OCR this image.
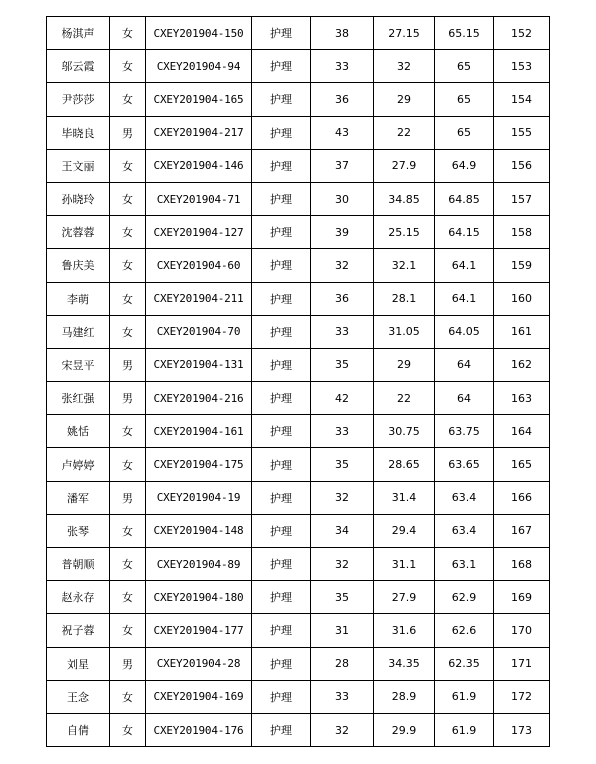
杨淇声	女	CXEY201904-150	护理	38	27.15	65.15	152
邬云霞	女	CXEY201904-94	护理	33	32	65	153
尹莎莎	女	CXEY201904-165	护理	36	29	65	154
毕晓良	男	CXEY201904-217	护理	43	22	65	155
王文丽	女	CXEY201904-146	护理	37	27.9	64.9	156
孙晓玲	女	CXEY201904-71	护理	30	34.85	64.85	157
沈蓉蓉	女	CXEY201904-127	护理	39	25.15	64.15	158
鲁庆美	女	CXEY201904-60	护理	32	32.1	64.1	159
李萌	女	CXEY201904-211	护理	36	28.1	64.1	160
马建红	女	CXEY201904-70	护理	33	31.05	64.05	161
宋昱平	男	CXEY201904-131	护理	35	29	64	162
张红强	男	CXEY201904-216	护理	42	22	64	163
姚恬	女	CXEY201904-161	护理	33	30.75	63.75	164
卢婷婷	女	CXEY201904-175	护理	35	28.65	63.65	165
潘军	男	CXEY201904-19	护理	32	31.4	63.4	166
张琴	女	CXEY201904-148	护理	34	29.4	63.4	167
普朝顺	女	CXEY201904-89	护理	32	31.1	63.1	168
赵永存	女	CXEY201904-180	护理	35	27.9	62.9	169
祝子蓉	女	CXEY201904-177	护理	31	31.6	62.6	170
刘星	男	CXEY201904-28	护理	28	34.35	62.35	171
王念	女	CXEY201904-169	护理	33	28.9	61.9	172
自倩	女	CXEY201904-176	护理	32	29.9	61.9	173
